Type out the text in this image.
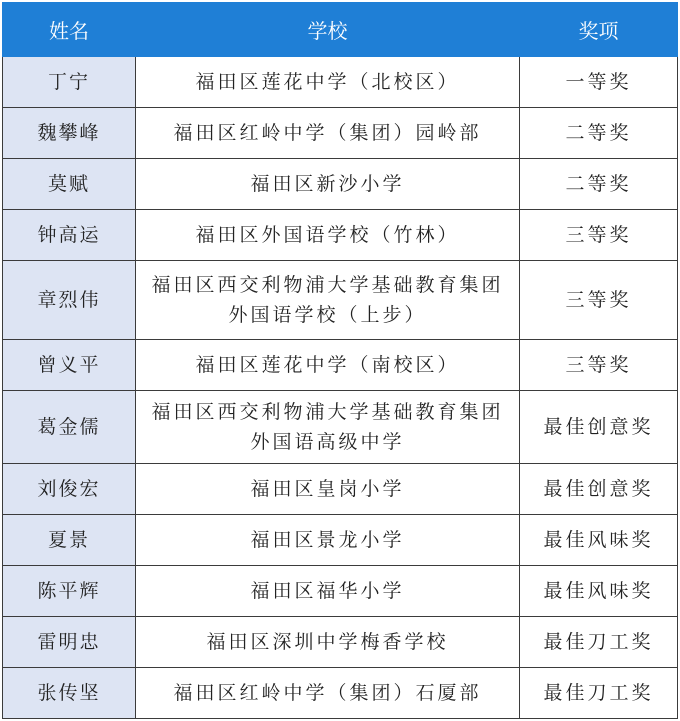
姓名	学校	奖项
丁宁	福田区莲花中学（北校区）	一等奖
魏攀峰	福田区红岭中学（集团）园岭部	二等奖
莫赋	福田区新沙小学	二等奖
钟高运	福田区外国语学校（竹林）	三等奖
章烈伟	福田区西交利物浦大学基础教育集团外国语学校（上步）	三等奖
曾义平	福田区莲花中学（南校区）	三等奖
葛金儒	福田区西交利物浦大学基础教育集团外国语高级中学	最佳创意奖
刘俊宏	福田区皇岗小学	最佳创意奖
夏景	福田区景龙小学	最佳风味奖
陈平辉	福田区福华小学	最佳风味奖
雷明忠	福田区深圳中学梅香学校	最佳刀工奖
张传坚	福田区红岭中学（集团）石厦部	最佳刀工奖
